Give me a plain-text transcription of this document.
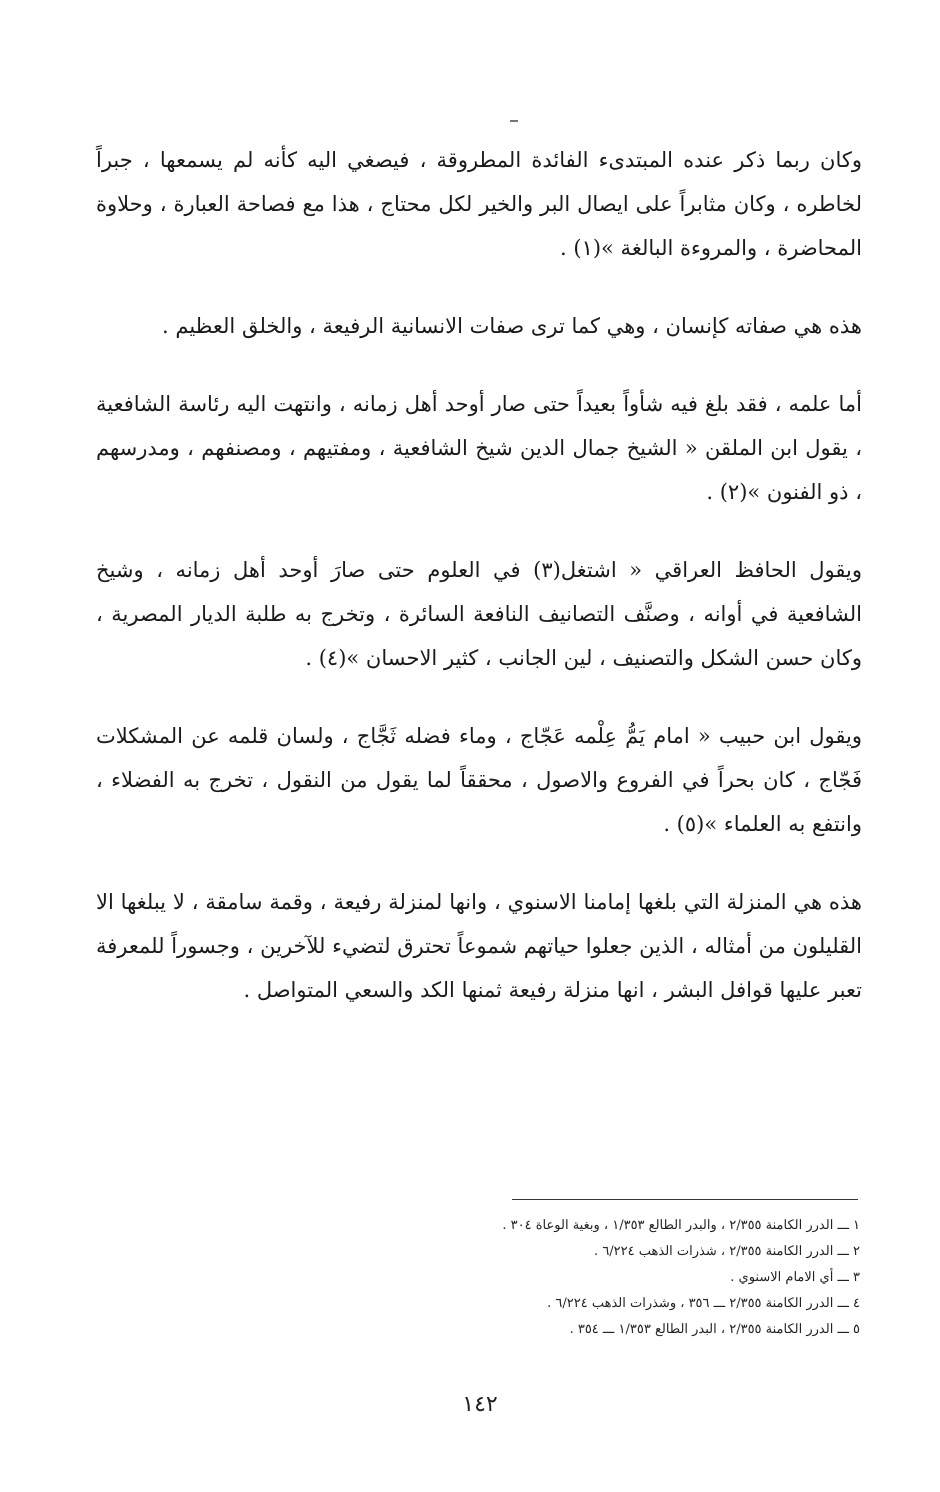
وكان ربما ذكر عنده المبتدىء الفائدة المطروقة ، فيصغي اليه كأنه لم يسمعها ، جبراً لخاطره ، وكان مثابراً على ايصال البر والخير لكل محتاج ، هذا مع فصاحة العبارة ، وحلاوة المحاضرة ، والمروءة البالغة »(١) .

هذه هي صفاته كإنسان ، وهي كما ترى صفات الانسانية الرفيعة ، والخلق العظيم .

أما علمه ، فقد بلغ فيه شأواً بعيداً حتى صار أوحد أهل زمانه ، وانتهت اليه رئاسة الشافعية ، يقول ابن الملقن « الشيخ جمال الدين شيخ الشافعية ، ومفتيهم ، ومصنفهم ، ومدرسهم ، ذو الفنون »(٢) .

ويقول الحافظ العراقي « اشتغل(٣) في العلوم حتى صارَ أوحد أهل زمانه ، وشيخ الشافعية في أوانه ، وصنَّف التصانيف النافعة السائرة ، وتخرج به طلبة الديار المصرية ، وكان حسن الشكل والتصنيف ، لين الجانب ، كثير الاحسان »(٤) .

ويقول ابن حبيب « امام يَمُّ عِلْمه عَجّاج ، وماء فضله ثَجَّاج ، ولسان قلمه عن المشكلات فَجّاج ، كان بحراً في الفروع والاصول ، محققاً لما يقول من النقول ، تخرج به الفضلاء ، وانتفع به العلماء »(٥) .

هذه هي المنزلة التي بلغها إمامنا الاسنوي ، وانها لمنزلة رفيعة ، وقمة سامقة ، لا يبلغها الا القليلون من أمثاله ، الذين جعلوا حياتهم شموعاً تحترق لتضيء للآخرين ، وجسوراً للمعرفة تعبر عليها قوافل البشر ، انها منزلة رفيعة ثمنها الكد والسعي المتواصل .

١ ـــ الدرر الكامنة ٢/٣٥٥ ، والبدر الطالع ١/٣٥٣ ، وبغية الوعاة ٣٠٤ .

٢ ـــ الدرر الكامنة ٢/٣٥٥ ، شذرات الذهب ٦/٢٢٤ .

٣ ـــ أي الامام الاسنوي .

٤ ـــ الدرر الكامنة ٢/٣٥٥ ـــ ٣٥٦ ، وشذرات الذهب ٦/٢٢٤ .

٥ ـــ الدرر الكامنة ٢/٣٥٥ ، البدر الطالع ١/٣٥٣ ـــ ٣٥٤ .

١٤٢
